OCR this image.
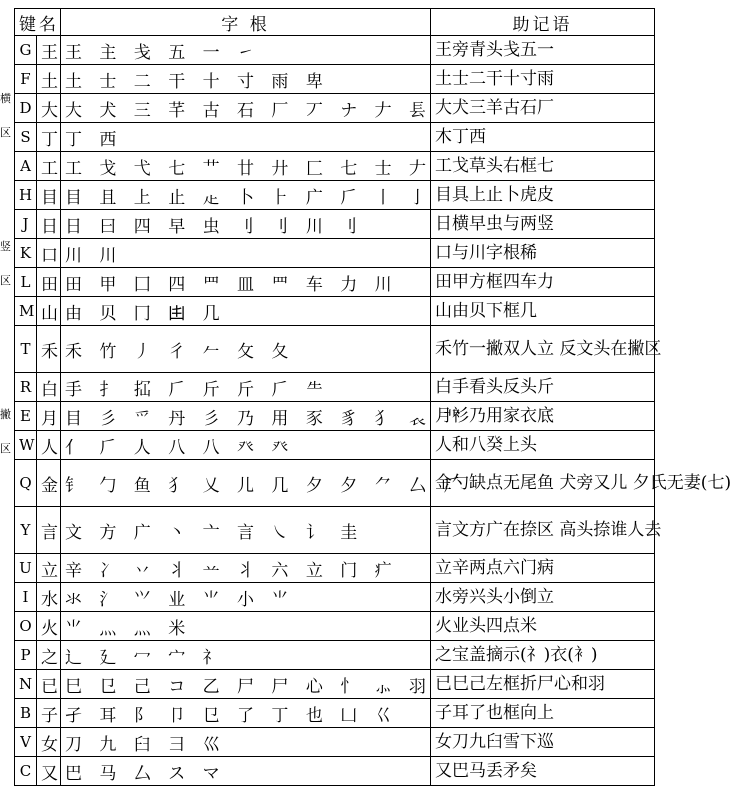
横
区
竖
区
撇
区
键名		字 根	助记语
G	王	王 主 戋 五 一 ㇀	王旁青头戋五一
F	土	土 士 二 干 十 寸 雨 卑	土士二干十寸雨
D	大	大 犬 三 芊 古 石 厂 丆 ナ 𠂇 镸	大犬三羊古石厂
S	丁	丁 西	木丁西
A	工	工 戈 弋 七 艹 廿 廾 匚 七 士 𠂇	工戈草头右框七
H	目	目 且 上 止 龰 卜 ⺊ 广 𠂆 丨 亅	目具上止卜虎皮
J	日	日 曰 四 早 虫 刂 刂 川 刂	日横早虫与两竖
K	口	川 川	口与川字根稀
L	田	田 甲 囗 四 罒 皿 罒 车 力 川	田甲方框四车力
M	山	由 贝 冂 𠙹 几	山由贝下框几
T	禾	禾 竹 丿 彳 𠂉 攵 夂	禾竹一撇双人立 反文头在撇区
R	白	手 扌 𢫏 𠂆 斤 斤 𠂆 ⺧	白手看头反头斤
E	月	目 彡 爫 丹 彡 乃 用 豕 豸 犭 𧘇 ⻀	月衫乃用家衣底
W	人	亻 𠂆 人 八 八 癶 癶	人和八癸上头
Q	金	钅 勹 鱼 犭 乂 儿 几 夕 夕 ⺈ 厶 𠂆	金勺缺点无尾鱼 犬旁又儿 夕氏无妻(七)
Y	言	文 方 广 丶 亠 言 ㇏ 讠 圭	言文方广在捺区 高头捺谁人去
U	立	辛 冫 丷 丬 䒑 丬 六 立 门 疒	立辛两点六门病
I	水	氺 氵 ⺍ 业 ⺌ 小 ⺌	水旁兴头小倒立
O	火	⺌ 灬 灬 米	火业头四点米
P	之	辶 廴 冖 宀 礻	之宝盖摘示(礻)衣(衤)
N	已	巳 㔾 己 コ 乙 尸 尸 心 忄 ⺗ 羽	已巳己左框折尸心和羽
B	子	孑 耳 阝 卩 㔾 了 丁 也 凵 巜	子耳了也框向上
V	女	刀 九 臼 彐 巛	女刀九臼雪下巡
C	又	巴 马 厶 ス マ	又巴马丢矛矣
